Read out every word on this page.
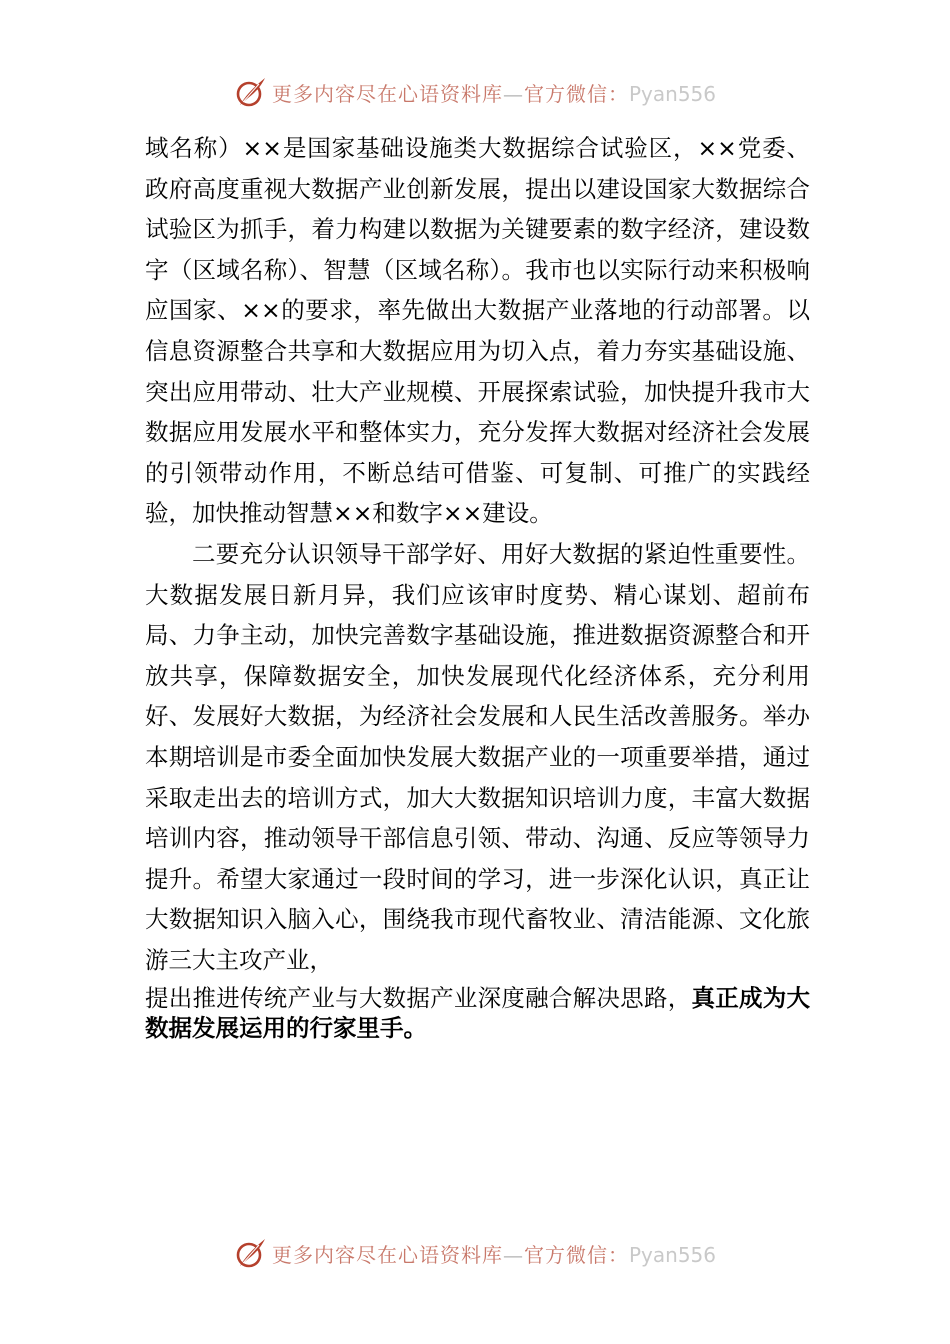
更多内容尽在心语资料库—官方微信：Pyan556

域名称）××是国家基础设施类大数据综合试验区，××党委、政府高度重视大数据产业创新发展，提出以建设国家大数据综合试验区为抓手，着力构建以数据为关键要素的数字经济，建设数字（区域名称）、智慧（区域名称）。我市也以实际行动来积极响应国家、××的要求，率先做出大数据产业落地的行动部署。以信息资源整合共享和大数据应用为切入点，着力夯实基础设施、突出应用带动、壮大产业规模、开展探索试验，加快提升我市大数据应用发展水平和整体实力，充分发挥大数据对经济社会发展的引领带动作用，不断总结可借鉴、可复制、可推广的实践经验，加快推动智慧××和数字××建设。

二要充分认识领导干部学好、用好大数据的紧迫性重要性。大数据发展日新月异，我们应该审时度势、精心谋划、超前布局、力争主动，加快完善数字基础设施，推进数据资源整合和开放共享，保障数据安全，加快发展现代化经济体系，充分利用好、发展好大数据，为经济社会发展和人民生活改善服务。举办本期培训是市委全面加快发展大数据产业的一项重要举措，通过采取走出去的培训方式，加大大数据知识培训力度，丰富大数据培训内容，推动领导干部信息引领、带动、沟通、反应等领导力提升。希望大家通过一段时间的学习，进一步深化认识，真正让大数据知识入脑入心，围绕我市现代畜牧业、清洁能源、文化旅游三大主攻产业，

提出推进传统产业与大数据产业深度融合解决思路，真正成为大数据发展运用的行家里手。

更多内容尽在心语资料库—官方微信：Pyan556
